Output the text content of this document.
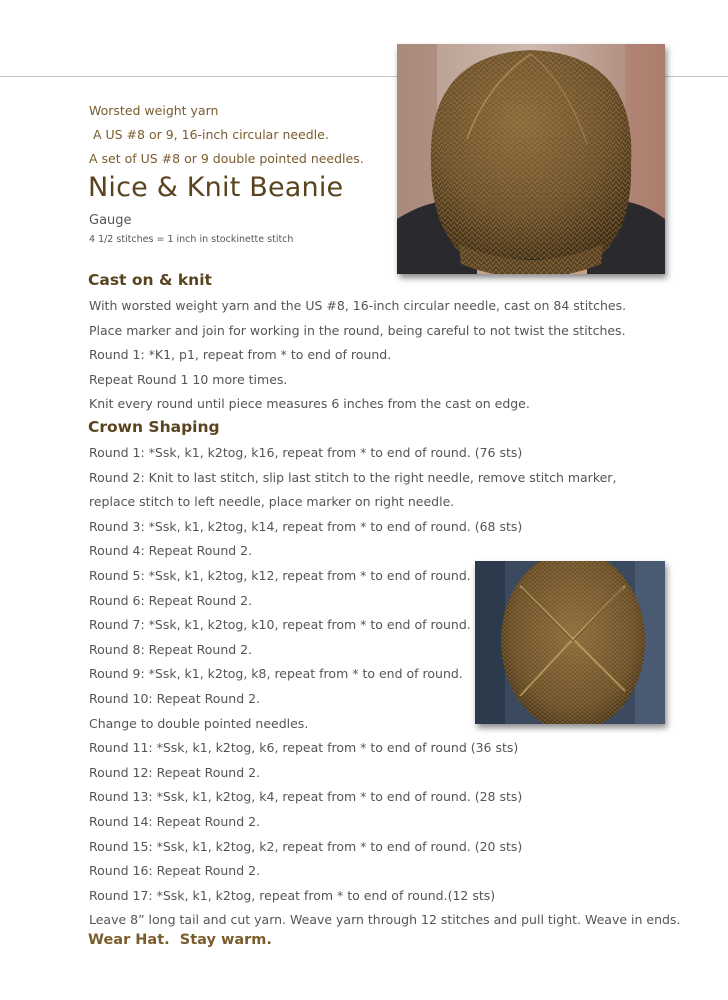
Worsted weight yarn
A US #8 or 9, 16-inch circular needle.
A set of US #8 or 9 double pointed needles.
Nice & Knit Beanie
Gauge
4 1/2 stitches = 1 inch in stockinette stitch
Cast on & knit
With worsted weight yarn and the US #8, 16-inch circular needle, cast on 84 stitches.
Place marker and join for working in the round, being careful to not twist the stitches.
Round 1: *K1, p1, repeat from * to end of round.
Repeat Round 1 10 more times.
Knit every round until piece measures 6 inches from the cast on edge.
Crown Shaping
Round 1: *Ssk, k1, k2tog, k16, repeat from * to end of round. (76 sts)
Round 2: Knit to last stitch, slip last stitch to the right needle, remove stitch marker,
replace stitch to left needle, place marker on right needle.
Round 3: *Ssk, k1, k2tog, k14, repeat from * to end of round. (68 sts)
Round 4: Repeat Round 2.
Round 5: *Ssk, k1, k2tog, k12, repeat from * to end of round.
Round 6: Repeat Round 2.
Round 7: *Ssk, k1, k2tog, k10, repeat from * to end of round.
Round 8: Repeat Round 2.
Round 9: *Ssk, k1, k2tog, k8, repeat from * to end of round.
Round 10: Repeat Round 2.
Change to double pointed needles.
Round 11: *Ssk, k1, k2tog, k6, repeat from * to end of round (36 sts)
Round 12: Repeat Round 2.
Round 13: *Ssk, k1, k2tog, k4, repeat from * to end of round. (28 sts)
Round 14: Repeat Round 2.
Round 15: *Ssk, k1, k2tog, k2, repeat from * to end of round. (20 sts)
Round 16: Repeat Round 2.
Round 17: *Ssk, k1, k2tog, repeat from * to end of round.(12 sts)
Leave 8” long tail and cut yarn. Weave yarn through 12 stitches and pull tight. Weave in ends.
Wear Hat.  Stay warm.
